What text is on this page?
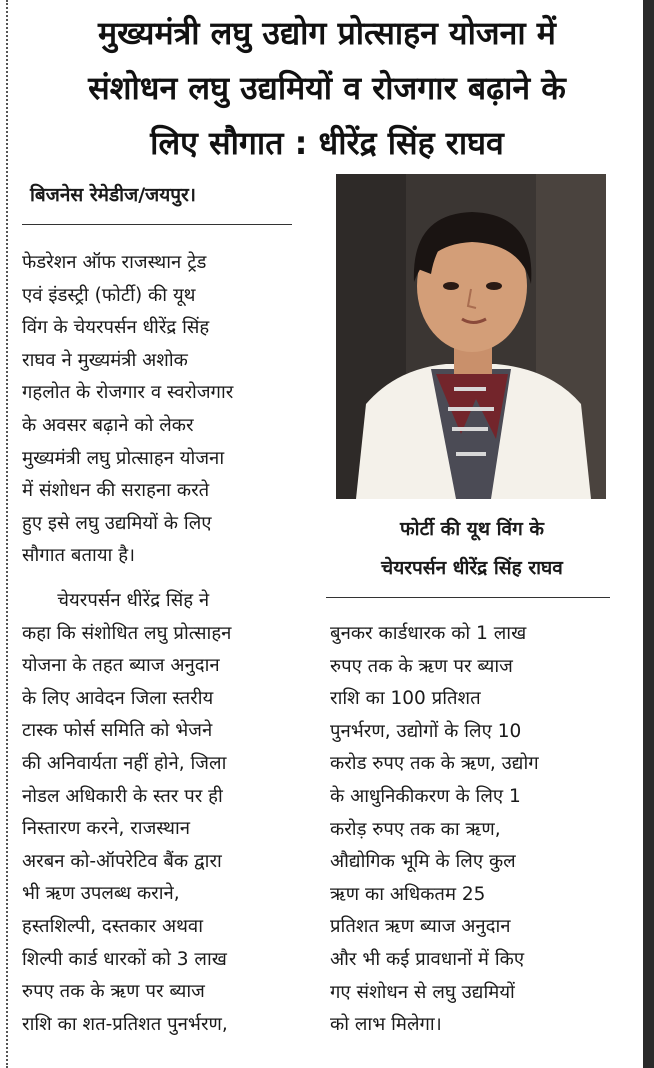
मुख्यमंत्री लघु उद्योग प्रोत्साहन योजना में
संशोधन लघु उद्यमियों व रोजगार बढ़ाने के
लिए सौगात : धीरेंद्र सिंह राघव
बिजनेस रेमेडीज/जयपुर।
फेडरेशन ऑफ राजस्थान ट्रेड
एवं इंडस्ट्री (फोर्टी) की यूथ
विंग के चेयरपर्सन धीरेंद्र सिंह
राघव ने मुख्यमंत्री अशोक
गहलोत के रोजगार व स्वरोजगार
के अवसर बढ़ाने को लेकर
मुख्यमंत्री लघु प्रोत्साहन योजना
में संशोधन की सराहना करते
हुए इसे लघु उद्यमियों के लिए
सौगात बताया है।
चेयरपर्सन धीरेंद्र सिंह ने
कहा कि संशोधित लघु प्रोत्साहन
योजना के तहत ब्याज अनुदान
के लिए आवेदन जिला स्तरीय
टास्क फोर्स समिति को भेजने
की अनिवार्यता नहीं होने, जिला
नोडल अधिकारी के स्तर पर ही
निस्तारण करने, राजस्थान
अरबन को-ऑपरेटिव बैंक द्वारा
भी ऋण उपलब्ध कराने,
हस्तशिल्पी, दस्तकार अथवा
शिल्पी कार्ड धारकों को 3 लाख
रुपए तक के ऋण पर ब्याज
राशि का शत-प्रतिशत पुनर्भरण,
फोर्टी की यूथ विंग के
चेयरपर्सन धीरेंद्र सिंह राघव
बुनकर कार्डधारक को 1 लाख
रुपए तक के ऋण पर ब्याज
राशि का 100 प्रतिशत
पुनर्भरण, उद्योगों के लिए 10
करोड रुपए तक के ऋण, उद्योग
के आधुनिकीकरण के लिए 1
करोड़ रुपए तक का ऋण,
औद्योगिक भूमि के लिए कुल
ऋण का अधिकतम 25
प्रतिशत ऋण ब्याज अनुदान
और भी कई प्रावधानों में किए
गए संशोधन से लघु उद्यमियों
को लाभ मिलेगा।
